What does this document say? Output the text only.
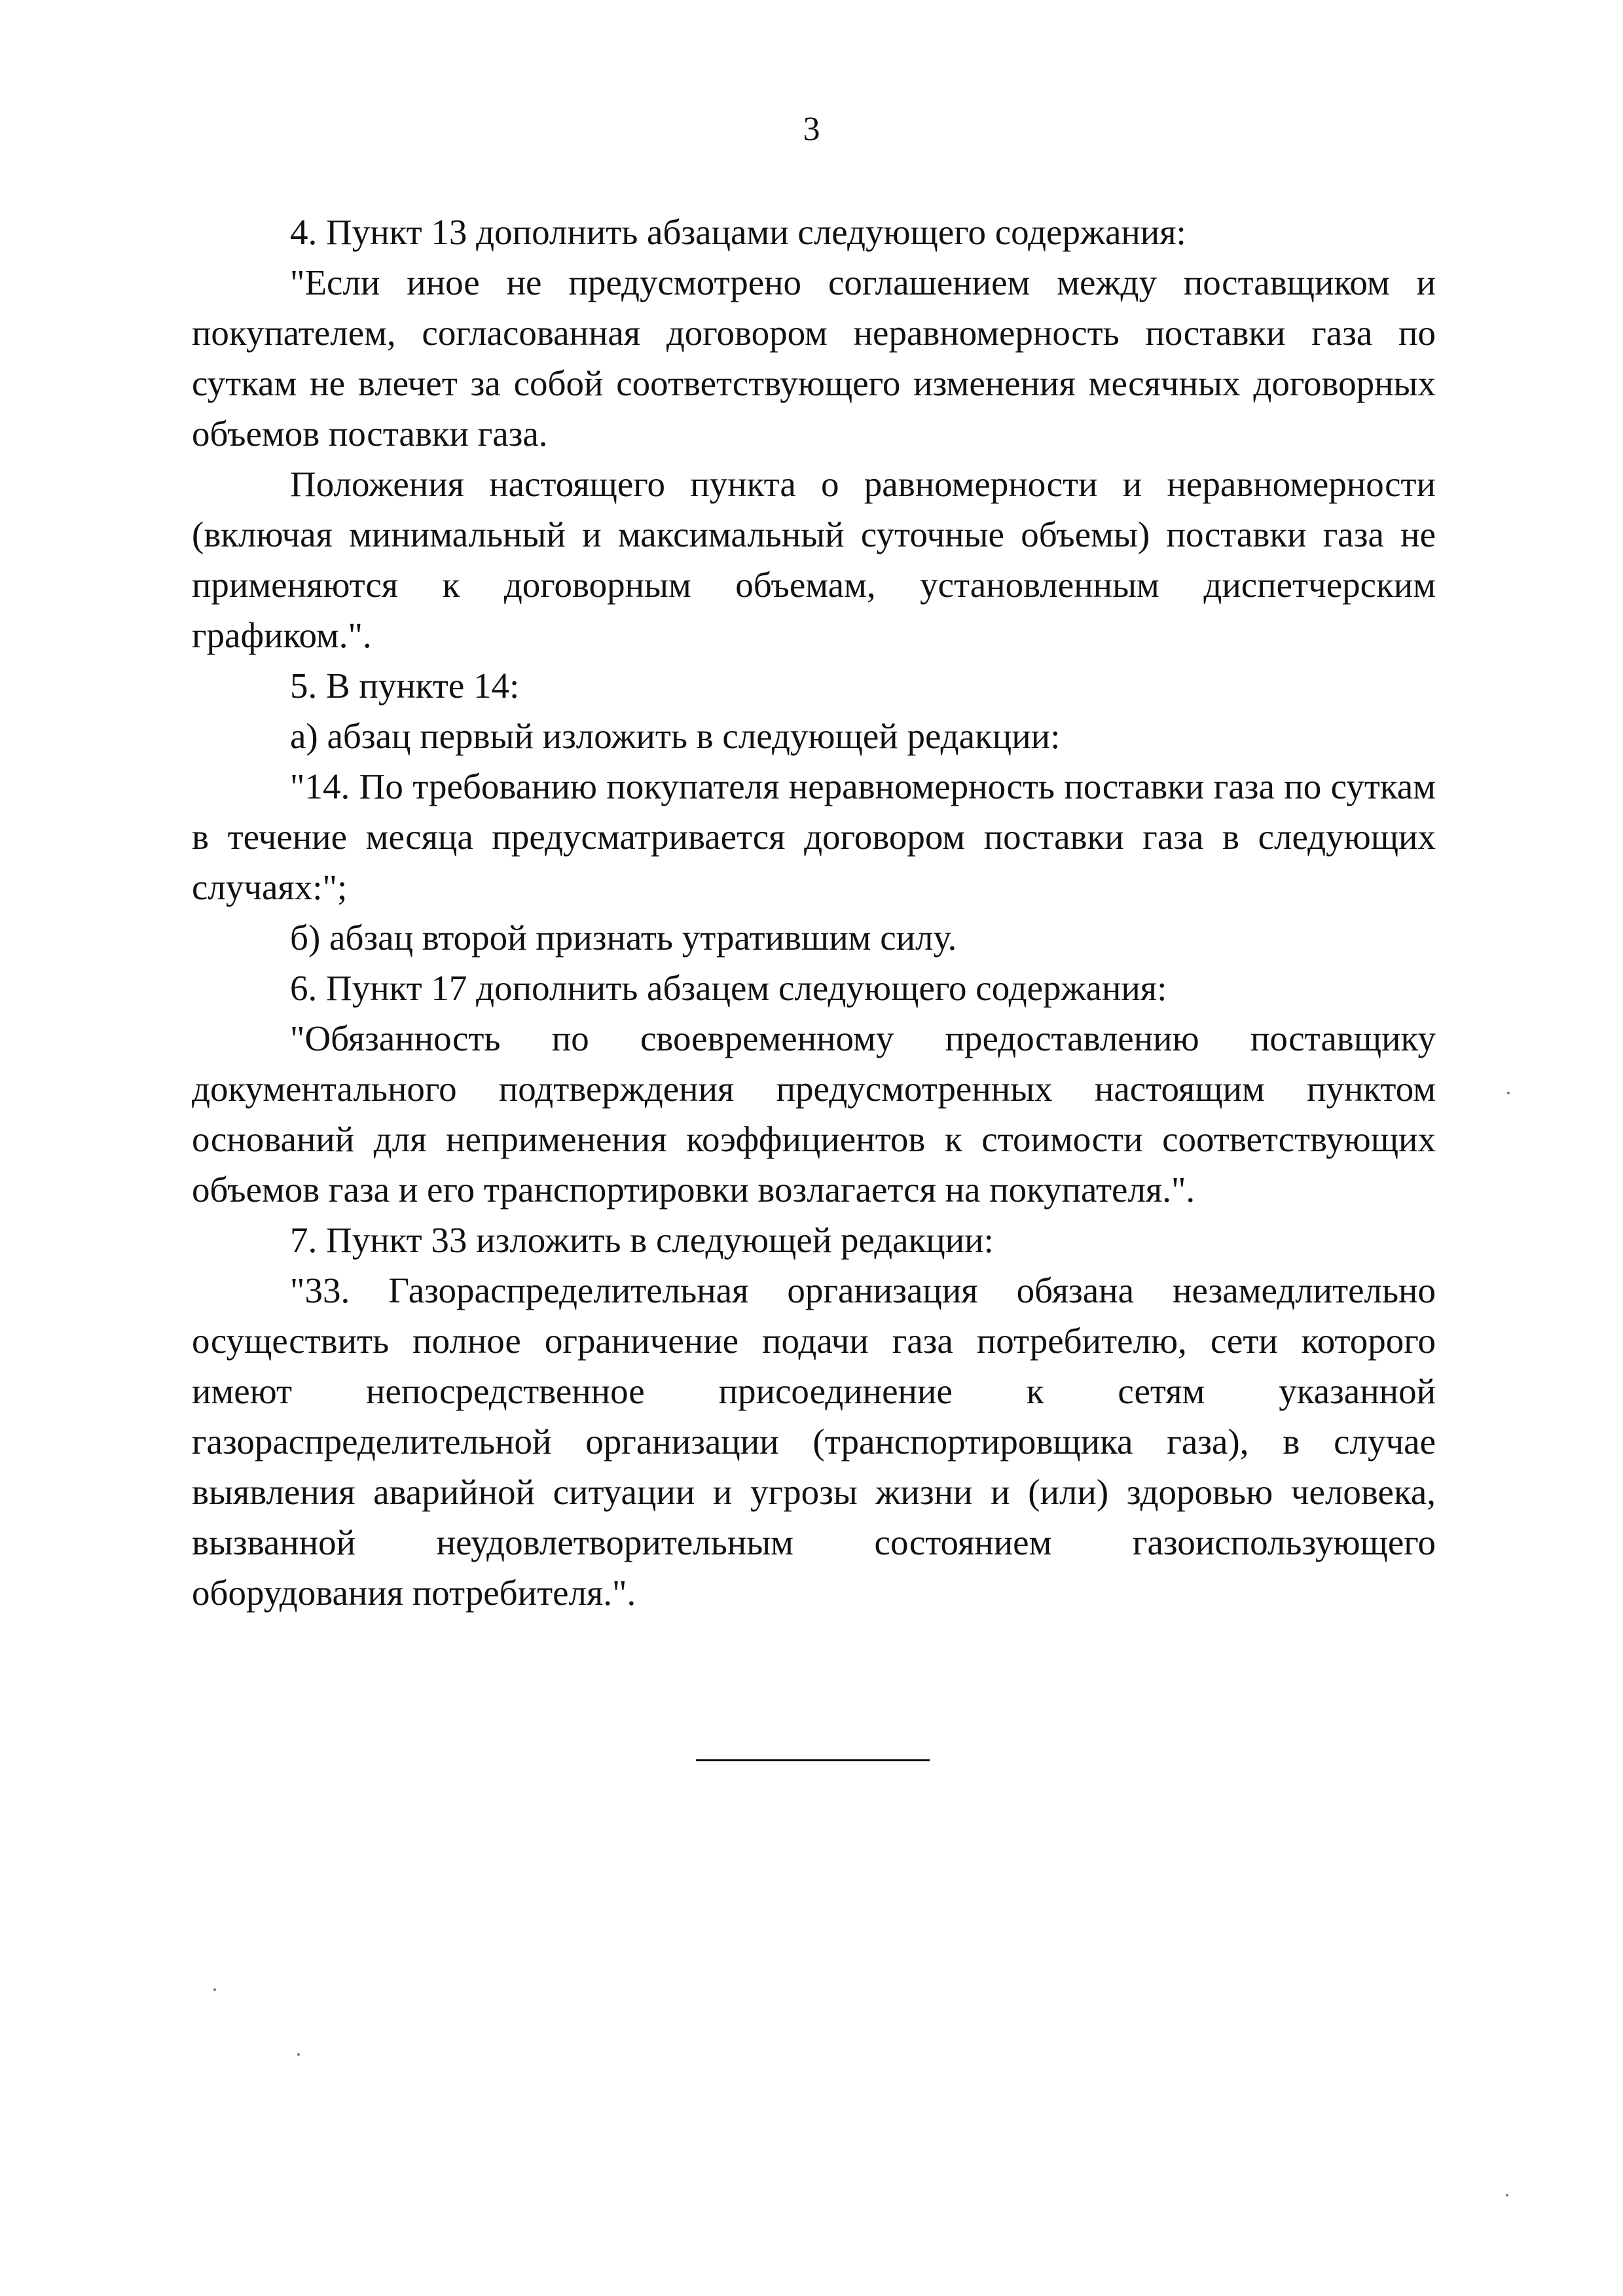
3

4. Пункт 13 дополнить абзацами следующего содержания:

"Если иное не предусмотрено соглашением между поставщиком и покупателем, согласованная договором неравномерность поставки газа по суткам не влечет за собой соответствующего изменения месячных договорных объемов поставки газа.

Положения настоящего пункта о равномерности и неравномерности (включая минимальный и максимальный суточные объемы) поставки газа не применяются к договорным объемам, установленным диспетчерским графиком.".

5. В пункте 14:

а) абзац первый изложить в следующей редакции:

"14. По требованию покупателя неравномерность поставки газа по суткам в течение месяца предусматривается договором поставки газа в следующих случаях:";

б) абзац второй признать утратившим силу.

6. Пункт 17 дополнить абзацем следующего содержания:

"Обязанность по своевременному предоставлению поставщику документального подтверждения предусмотренных настоящим пунктом оснований для неприменения коэффициентов к стоимости соответствующих объемов газа и его транспортировки возлагается на покупателя.".

7. Пункт 33 изложить в следующей редакции:

"33. Газораспределительная организация обязана незамедлительно осуществить полное ограничение подачи газа потребителю, сети которого имеют непосредственное присоединение к сетям указанной газораспределительной организации (транспортировщика газа), в случае выявления аварийной ситуации и угрозы жизни и (или) здоровью человека, вызванной неудовлетворительным состоянием газоиспользующего оборудования потребителя.".
